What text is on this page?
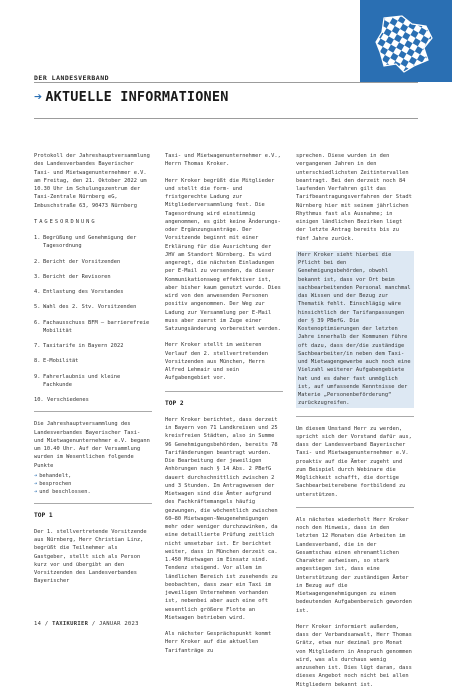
DER LANDESVERBAND
➔ AKTUELLE INFORMATIONEN

Protokoll der Jahreshauptversammlung des Landesverbandes Bayerischer Taxi- und Mietwagenunternehmer e.V. am Freitag, den 21. Oktober 2022 um 10.30 Uhr im Schulungszentrum der Taxi-Zentrale Nürnberg eG, Imbuschstraße 63, 90473 Nürnberg

TAGESORDNUNG

1. Begrüßung und Genehmigung der Tagesordnung
2. Bericht der Vorsitzenden
3. Bericht der Revisoren
4. Entlastung des Vorstandes
5. Wahl des 2. Stv. Vorsitzenden
6. Fachausschuss BFM – barrierefreie Mobilität
7. Taxitarife in Bayern 2022
8. E-Mobilität
9. Fahrerlaubnis und kleine Fachkunde
10. Verschiedenes

Die Jahreshauptversammlung des Landesverbandes Bayerischer Taxi- und Mietwagenunternehmer e.V. begann um 10.40 Uhr. Auf der Versammlung wurden im Wesentlichen folgende Punkte

➔ behandelt,
➔ besprochen
➔ und beschlossen.
TOP 1

Der 1. stellvertretende Vorsitzende aus Nürnberg, Herr Christian Linz, begrüßt die Teilnehmer als Gastgeber, stellt sich als Person kurz vor und übergibt an den Vorsitzenden des Landesverbandes Bayerischer

Taxi- und Mietwagenunternehmer e.V., Herrn Thomas Kroker.

Herr Kroker begrüßt die Mitglieder und stellt die form- und fristgerechte Ladung zur Mitgliederversammlung fest. Die Tagesordnung wird einstimmig angenommen, es gibt keine Änderungs- oder Ergänzungsanträge. Der Vorsitzende beginnt mit einer Erklärung für die Ausrichtung der JHV am Standort Nürnberg. Es wird angeregt, die nächsten Einladungen per E-Mail zu versenden, da dieser Kommunikationsweg effektiver ist, aber bisher kaum genutzt wurde. Dies wird von den anwesenden Personen positiv angenommen. Der Weg zur Ladung zur Versammlung per E-Mail muss aber zuerst im Zuge einer Satzungsänderung vorbereitet werden.

Herr Kroker stellt im weiteren Verlauf den 2. stellvertretenden Vorsitzenden aus München, Herrn Alfred Lehmair und sein Aufgabengebiet vor.

TOP 2

Herr Kroker berichtet, dass derzeit in Bayern von 71 Landkreisen und 25 kreisfreien Städten, also in Summe 96 Genehmigungsbehörden, bereits 78 Tarifänderungen beantragt wurden. Die Bearbeitung der jeweiligen Anhörungen nach § 14 Abs. 2 PBefG dauert durchschnittlich zwischen 2 und 3 Stunden. Im Antragswesen der Mietwagen sind die Ämter aufgrund des Fachkräftemangels häufig gezwungen, die wöchentlich zwischen 60–80 Mietwagen-Neugenehmigungen mehr oder weniger durchzuwinken, da eine detaillierte Prüfung zeitlich nicht umsetzbar ist. Er berichtet weiter, dass in München derzeit ca. 1.450 Mietwagen im Einsatz sind. Tendenz steigend. Vor allem im ländlichen Bereich ist zusehends zu beobachten, dass zwar ein Taxi im jeweiligen Unternehmen vorhanden ist, nebenbei aber auch eine oft wesentlich größere Flotte an Mietwagen betrieben wird.

Als nächster Gesprächspunkt kommt Herr Kroker auf die aktuellen Tarifanträge zu

sprechen. Diese wurden in den vergangenen Jahren in den unterschiedlichsten Zeitintervallen beantragt. Bei den derzeit noch 84 laufenden Verfahren gilt das Tarifbeantragungsverfahren der Stadt Nürnberg hier mit seinem jährlichen Rhythmus fast als Ausnahme; in einigen ländlichen Bezirken liegt der letzte Antrag bereits bis zu fünf Jahre zurück.

Herr Kroker sieht hierbei die Pflicht bei den Genehmigungsbehörden, obwohl bekannt ist, dass vor Ort beim sachbearbeitenden Personal manchmal das Wissen und der Bezug zur Thematik fehlt. Einschlägig wäre hinsichtlich der Tarifanpassungen der § 39 PBefG. Die Kostenoptimierungen der letzten Jahre innerhalb der Kommunen führe oft dazu, dass der/die zuständige Sachbearbeiter/in neben dem Taxi- und Mietwagengewerbe auch noch eine Vielzahl weiterer Aufgabengebiete hat und es daher fast unmöglich ist, auf umfassende Kenntnisse der Materie „Personenbeförderung“ zurückzugreifen.

Um diesem Umstand Herr zu werden, spricht sich der Vorstand dafür aus, dass der Landesverband Bayerischer Taxi- und Mietwagenunternehmer e.V. proaktiv auf die Ämter zugeht und zum Beispiel durch Webinare die Möglichkeit schafft, die dortige Sachbearbeiterebene fortbildend zu unterstützen.

Als nächstes wiederholt Herr Kroker noch den Hinweis, dass in den letzten 12 Monaten die Arbeiten im Landesverband, die in der Gesamtschau einen ehrenamtlichen Charakter aufweisen, so stark angestiegen ist, dass eine Unterstützung der zuständigen Ämter in Bezug auf die Mietwagengenehmigungen zu einem bedeutenden Aufgabenbereich geworden ist.

Herr Kroker informiert außerdem, dass der Verbandsanwalt, Herr Thomas Grätz, etwa nur dezimal pro Monat von Mitgliedern in Anspruch genommen wird, was als durchaus wenig anzusehen ist. Dies lügt daran, dass dieses Angebot noch nicht bei allen Mitgliedern bekannt ist.

14 / TAXIKURIER / JANUAR 2023
